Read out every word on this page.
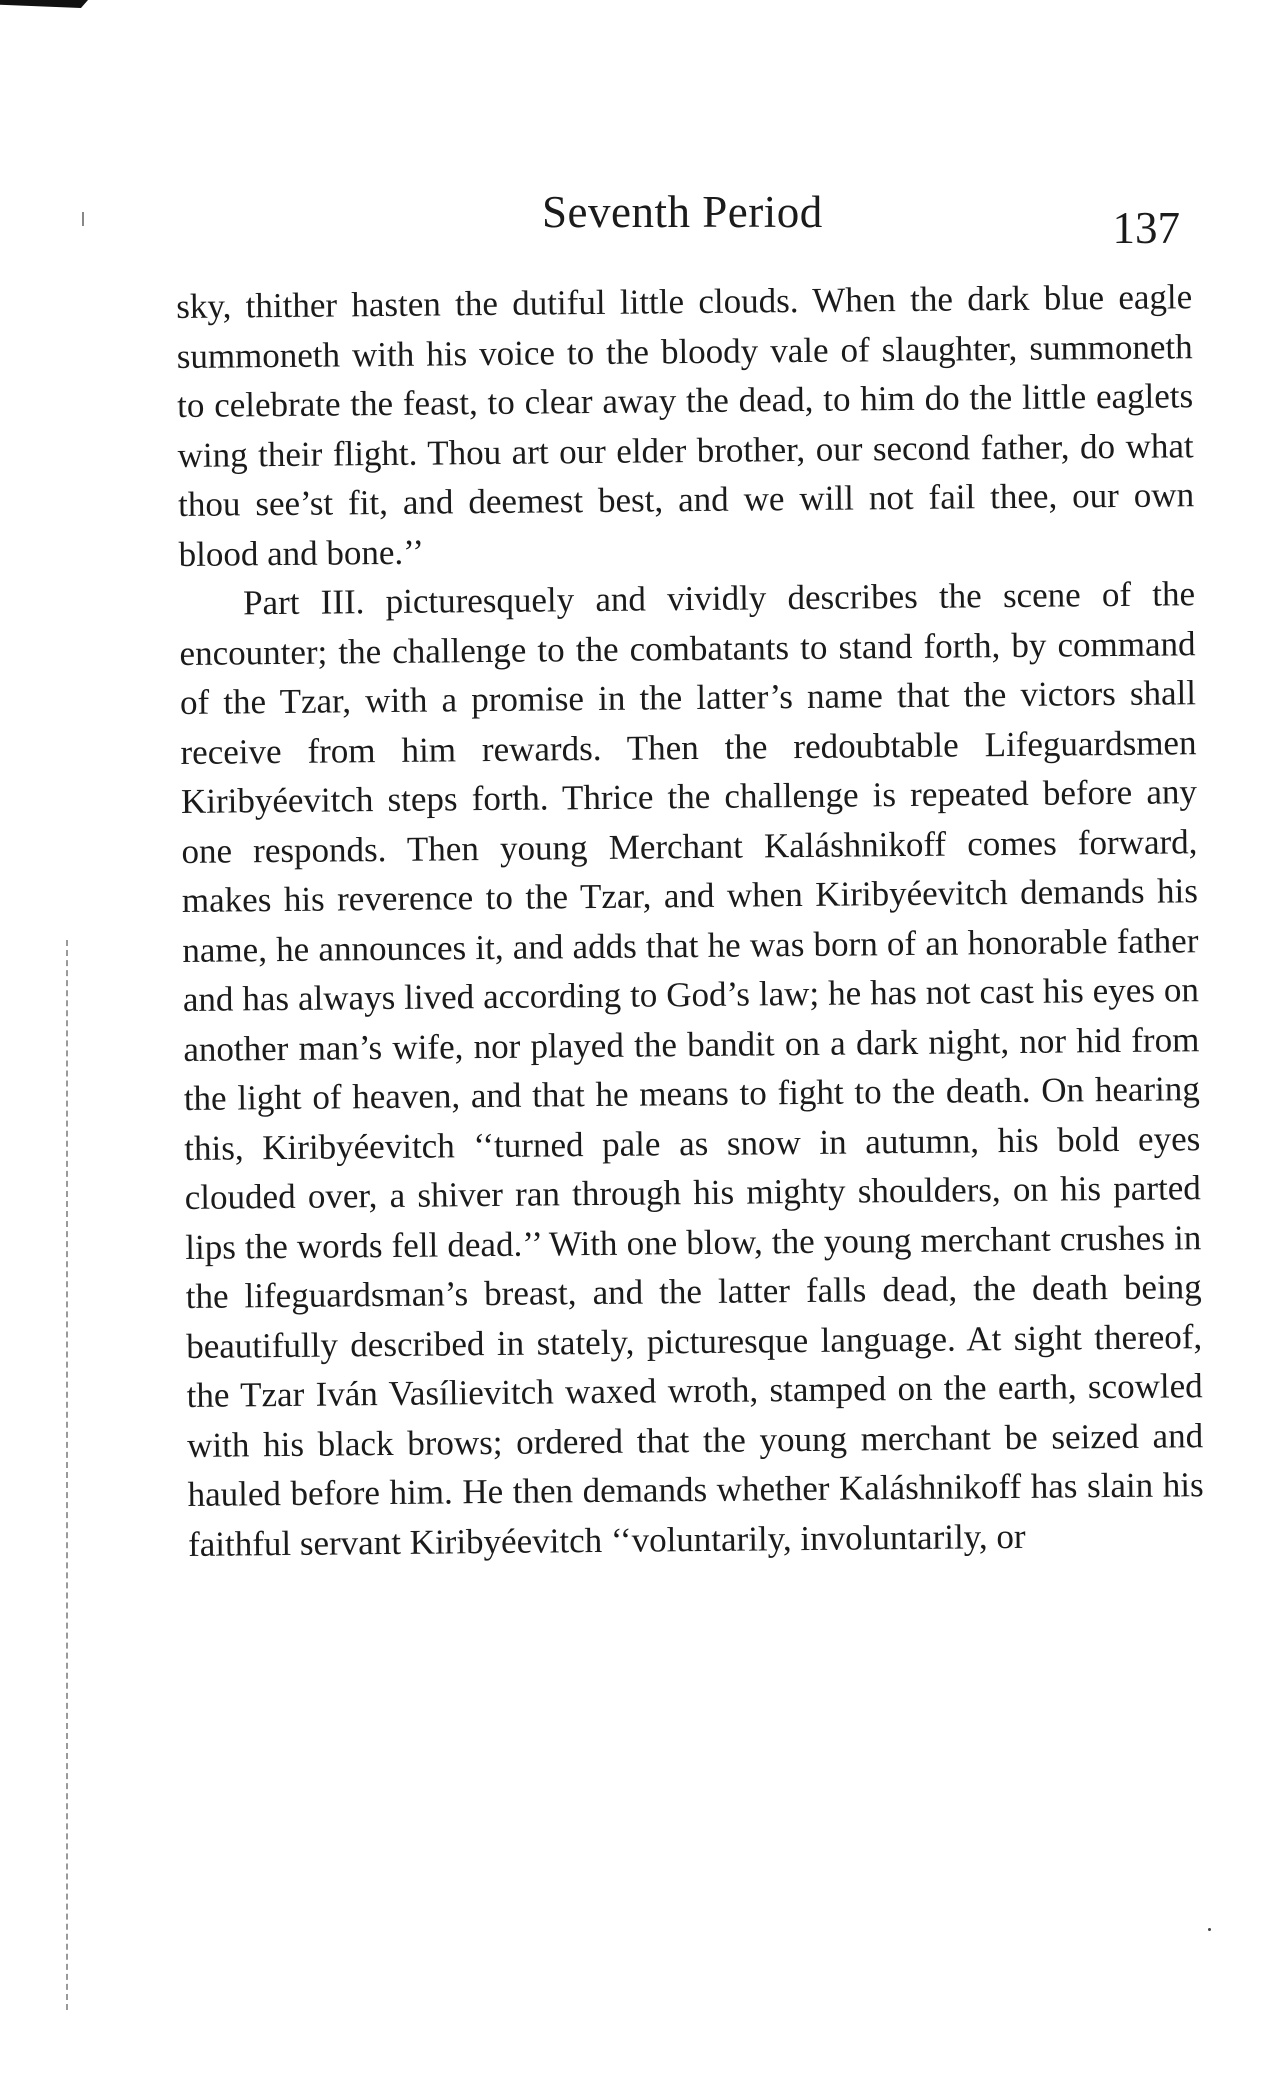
Seventh Period	137

sky, thither hasten the dutiful little clouds. When the dark blue eagle summoneth with his voice to the bloody vale of slaughter, summoneth to celebrate the feast, to clear away the dead, to him do the little eaglets wing their flight. Thou art our elder brother, our second father, do what thou see’st fit, and deemest best, and we will not fail thee, our own blood and bone.’’

Part III. picturesquely and vividly describes the scene of the encounter; the challenge to the combatants to stand forth, by command of the Tzar, with a promise in the latter’s name that the victors shall receive from him rewards. Then the redoubtable Lifeguardsmen Kiribyéevitch steps forth. Thrice the challenge is repeated before any one responds. Then young Merchant Kaláshnikoff comes forward, makes his reverence to the Tzar, and when Kiribyéevitch demands his name, he announces it, and adds that he was born of an honorable father and has always lived according to God’s law; he has not cast his eyes on another man’s wife, nor played the bandit on a dark night, nor hid from the light of heaven, and that he means to fight to the death. On hearing this, Kiribyéevitch ‘‘turned pale as snow in autumn, his bold eyes clouded over, a shiver ran through his mighty shoulders, on his parted lips the words fell dead.’’ With one blow, the young merchant crushes in the lifeguardsman’s breast, and the latter falls dead, the death being beautifully described in stately, picturesque language. At sight thereof, the Tzar Iván Vasílievitch waxed wroth, stamped on the earth, scowled with his black brows; ordered that the young merchant be seized and hauled before him. He then demands whether Kaláshnikoff has slain his faithful servant Kiribyéevitch ‘‘voluntarily, involuntarily, or
